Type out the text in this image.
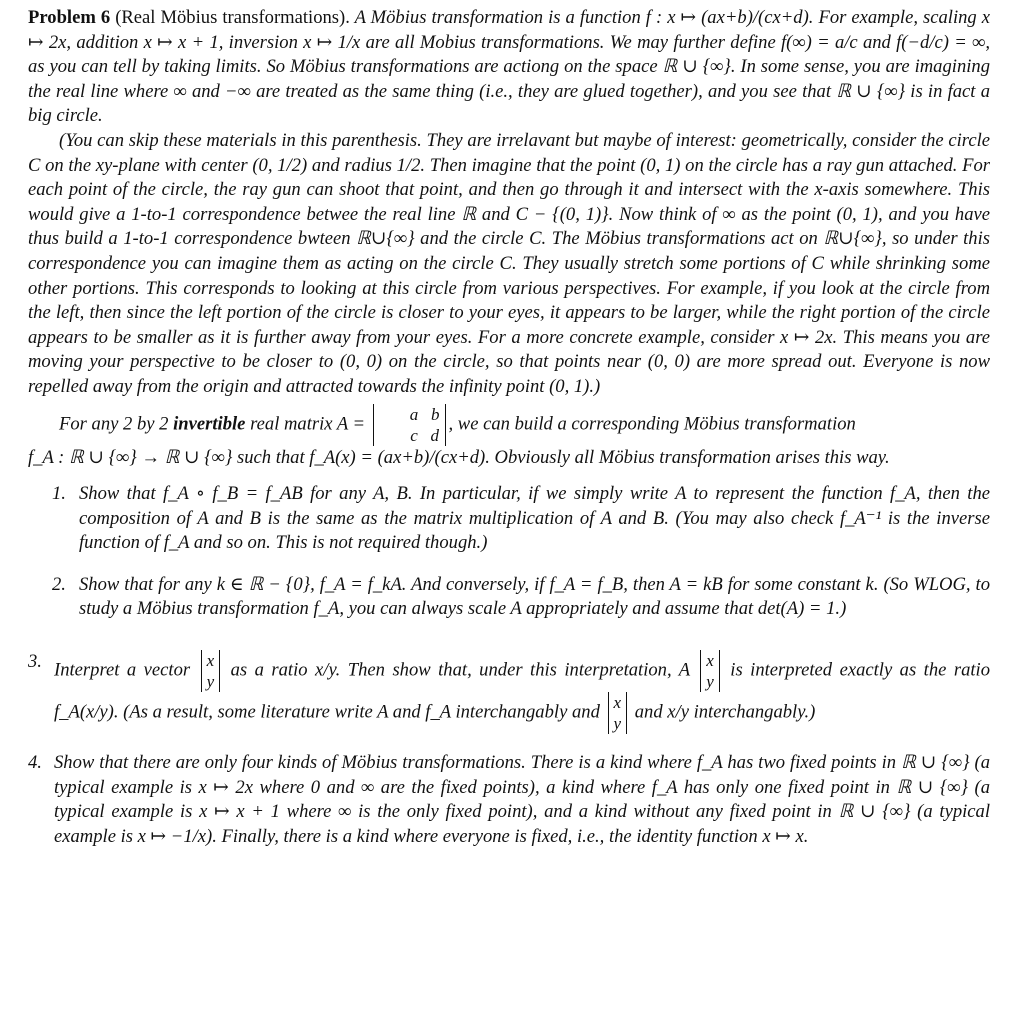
Problem 6 (Real Möbius transformations). A Möbius transformation is a function f : x ↦ (ax+b)/(cx+d). For example, scaling x ↦ 2x, addition x ↦ x + 1, inversion x ↦ 1/x are all Mobius transformations. We may further define f(∞) = a/c and f(−d/c) = ∞, as you can tell by taking limits. So Möbius transformations are actiong on the space ℝ ∪ {∞}. In some sense, you are imagining the real line where ∞ and −∞ are treated as the same thing (i.e., they are glued together), and you see that ℝ ∪ {∞} is in fact a big circle.

(You can skip these materials in this parenthesis. They are irrelavant but maybe of interest: geometrically, consider the circle C on the xy-plane with center (0, 1/2) and radius 1/2. Then imagine that the point (0, 1) on the circle has a ray gun attached. For each point of the circle, the ray gun can shoot that point, and then go through it and intersect with the x-axis somewhere. This would give a 1-to-1 correspondence betwee the real line ℝ and C − {(0, 1)}. Now think of ∞ as the point (0, 1), and you have thus build a 1-to-1 correspondence bwteen ℝ∪{∞} and the circle C. The Möbius transformations act on ℝ∪{∞}, so under this correspondence you can imagine them as acting on the circle C. They usually stretch some portions of C while shrinking some other portions. This corresponds to looking at this circle from various perspectives. For example, if you look at the circle from the left, then since the left portion of the circle is closer to your eyes, it appears to be larger, while the right portion of the circle appears to be smaller as it is further away from your eyes. For a more concrete example, consider x ↦ 2x. This means you are moving your perspective to be closer to (0, 0) on the circle, so that points near (0, 0) are more spread out. Everyone is now repelled away from the origin and attracted towards the infinity point (0, 1).)

For any 2 by 2 invertible real matrix A =	a   b
c   d
, we can build a corresponding Möbius transformation

f_A : ℝ ∪ {∞} → ℝ ∪ {∞} such that f_A(x) = (ax+b)/(cx+d). Obviously all Möbius transformation arises this way.

1. Show that f_A ∘ f_B = f_AB for any A, B. In particular, if we simply write A to represent the function f_A, then the composition of A and B is the same as the matrix multiplication of A and B. (You may also check f_A⁻¹ is the inverse function of f_A and so on. This is not required though.)
2. Show that for any k ∈ ℝ − {0}, f_A = f_kA. And conversely, if f_A = f_B, then A = kB for some constant k. (So WLOG, to study a Möbius transformation f_A, you can always scale A appropriately and assume that det(A) = 1.)
3. Interpret a vector x
y
as a ratio x/y. Then show that, under this interpretation, A x
y
is interpreted exactly as the ratio f_A(x/y). (As a result, some literature write A and f_A interchangably and x
y
and x/y interchangably.)
4. Show that there are only four kinds of Möbius transformations. There is a kind where f_A has two fixed points in ℝ ∪ {∞} (a typical example is x ↦ 2x where 0 and ∞ are the fixed points), a kind where f_A has only one fixed point in ℝ ∪ {∞} (a typical example is x ↦ x + 1 where ∞ is the only fixed point), and a kind without any fixed point in ℝ ∪ {∞} (a typical example is x ↦ −1/x). Finally, there is a kind where everyone is fixed, i.e., the identity function x ↦ x.
